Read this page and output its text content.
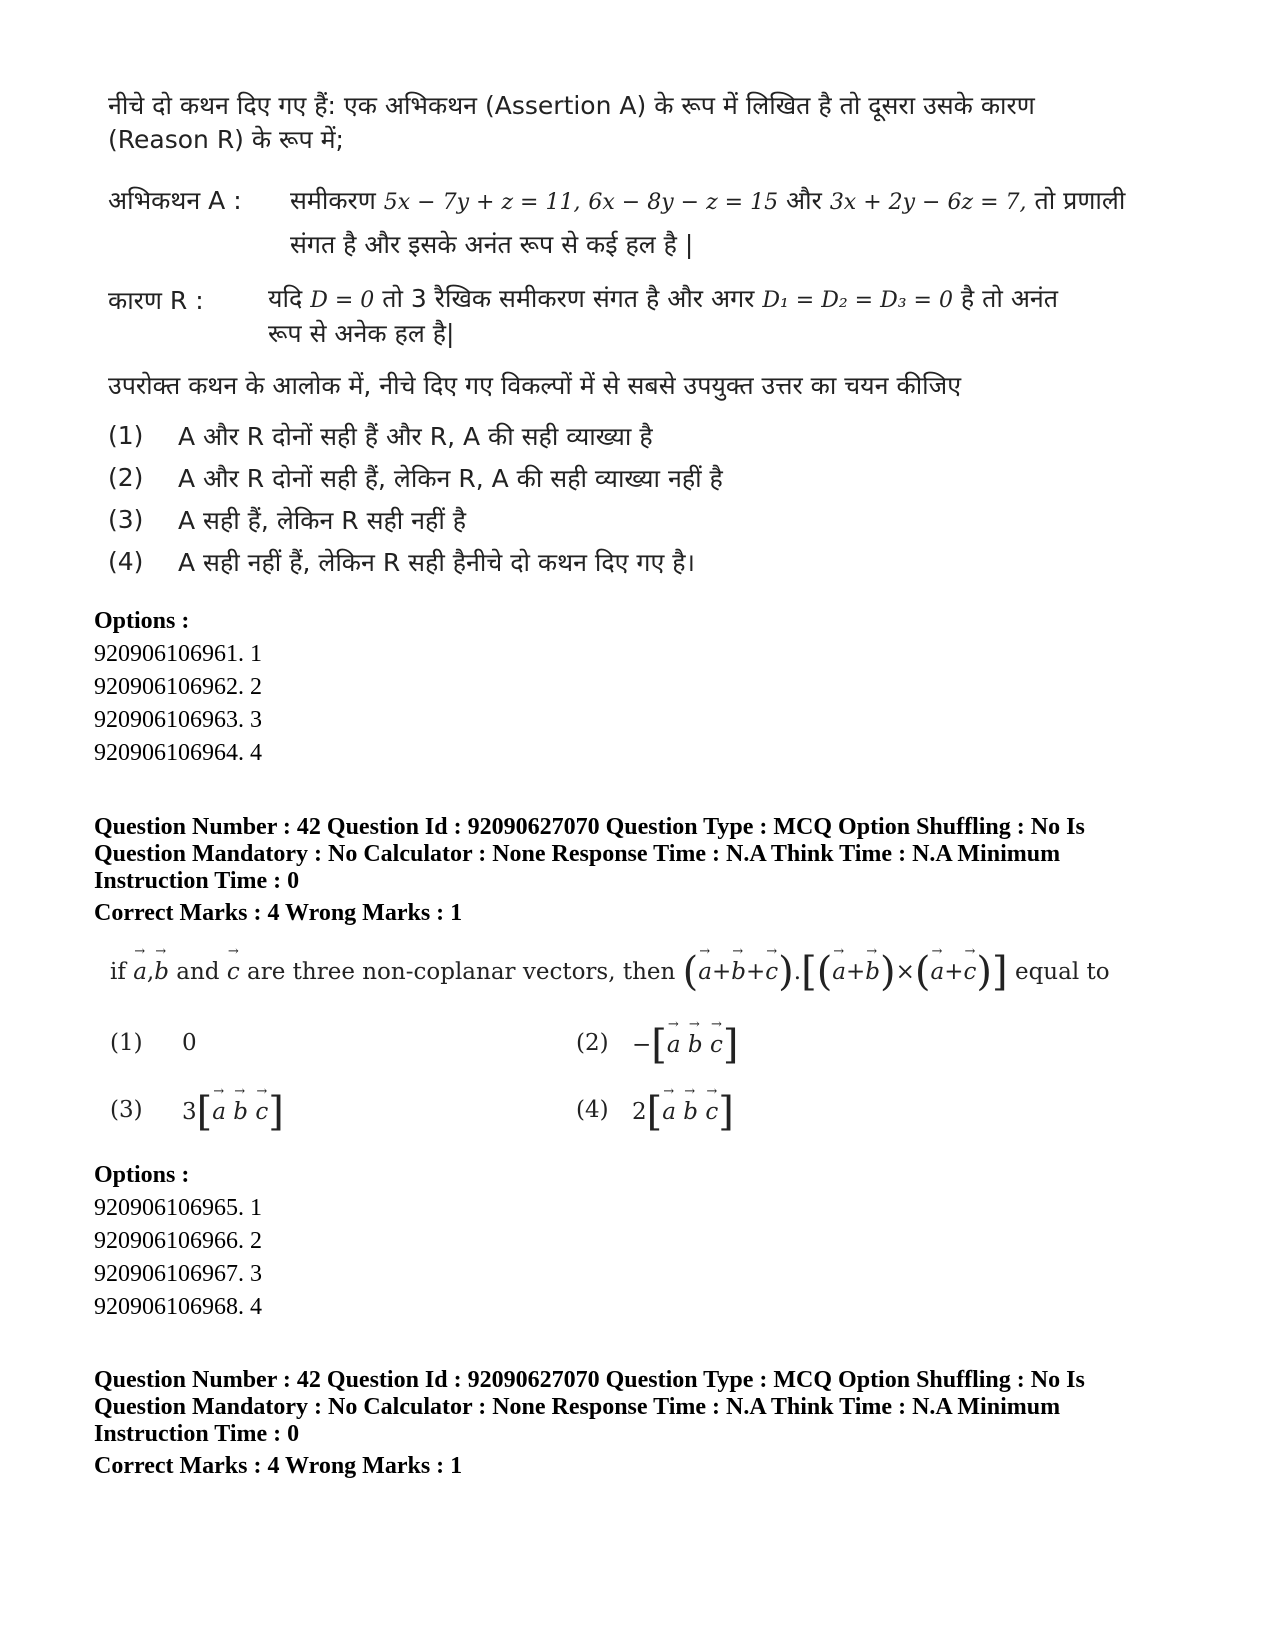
नीचे दो कथन दिए गए हैं: एक अभिकथन (Assertion A) के रूप में लिखित है तो दूसरा उसके कारण
(Reason R) के रूप में;
अभिकथन A : समीकरण 5x − 7y + z = 11, 6x − 8y − z = 15 और 3x + 2y − 6z = 7, तो प्रणाली
संगत है और इसके अनंत रूप से कई हल है |
कारण R :	यदि D = 0 तो 3 रैखिक समीकरण संगत है और अगर D₁ = D₂ = D₃ = 0 है तो अनंत
रूप से अनेक हल है|
उपरोक्त कथन के आलोक में, नीचे दिए गए विकल्पों में से सबसे उपयुक्त उत्तर का चयन कीजिए
(1) A और R दोनों सही हैं और R, A की सही व्याख्या है
(2) A और R दोनों सही हैं, लेकिन R, A की सही व्याख्या नहीं है
(3) A सही हैं, लेकिन R सही नहीं है
(4) A सही नहीं हैं, लेकिन R सही हैनीचे दो कथन दिए गए है।
Options :
920906106961. 1
920906106962. 2
920906106963. 3
920906106964. 4
Question Number : 42 Question Id : 92090627070 Question Type : MCQ Option Shuffling : No Is
Question Mandatory : No Calculator : None Response Time : N.A Think Time : N.A Minimum
Instruction Time : 0
Correct Marks : 4 Wrong Marks : 1
if → a,→ b and → c are three non-coplanar vectors, then (→ a+→ b+→ c).[(→ a+→ b)×(→ a+→ c)] equal to
(1) 0	(2) −[→ a → b → c]
(3) 3[→ a → b → c]	(4) 2[→ a → b → c]
Options :
920906106965. 1
920906106966. 2
920906106967. 3
920906106968. 4
Question Number : 42 Question Id : 92090627070 Question Type : MCQ Option Shuffling : No Is
Question Mandatory : No Calculator : None Response Time : N.A Think Time : N.A Minimum
Instruction Time : 0
Correct Marks : 4 Wrong Marks : 1
